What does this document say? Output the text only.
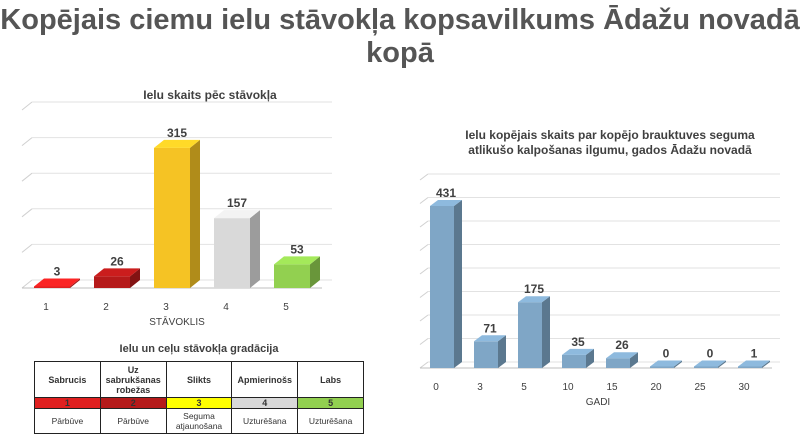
Kopējais ciemu ielu stāvokļa kopsavilkums Ādažu novadā kopā
Ielu skaits pēc stāvokļa
Ielu kopējais skaits par kopējo brauktuves seguma atlikušo kalpošanas ilgumu, gados Ādažu novadā
3
1
26
2
315
3
157
4
53
5
STĀVOKLIS
431
0
71
3
175
5
35
10
26
15
0
20
0
25
1
30
GADI
Ielu un ceļu stāvokļa gradācija
Sabrucis	Uz sabrukšanas robežas	Slikts	Apmierinošs	Labs
1	2	3	4	5
Pārbūve	Pārbūve	Seguma atjaunošana	Uzturēšana	Uzturēšana
